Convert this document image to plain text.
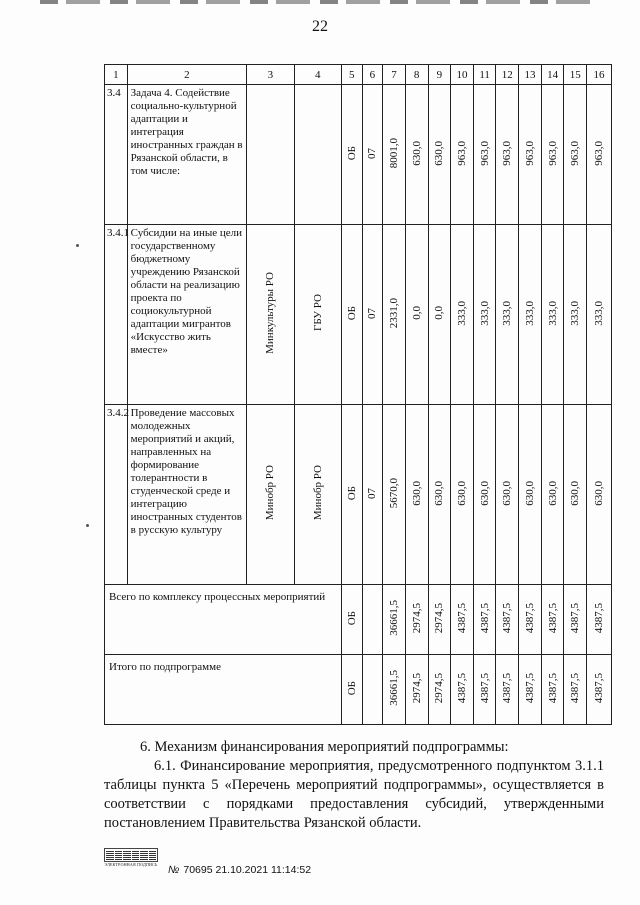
22
1	2	3	4	5	6	7	8	9	10	11	12	13	14	15	16
3.4	Задача 4. Содействие социально-культурной адаптации и интеграция иностранных граждан в Рязанской области, в том числе:			ОБ	07	8001,0	630,0	630,0	963,0	963,0	963,0	963,0	963,0	963,0	963,0
3.4.1	Субсидии на иные цели государственному бюджетному учреждению Рязанской области на реализацию проекта по социокультурной адаптации мигрантов «Искусство жить вместе»	Минкультуры РО	ГБУ РО	ОБ	07	2331,0	0,0	0,0	333,0	333,0	333,0	333,0	333,0	333,0	333,0
3.4.2	Проведение массовых молодежных мероприятий и акций, направленных на формирование толерантности в студенческой среде и интеграцию иностранных студентов в русскую культуру	Минобр РО	Минобр РО	ОБ	07	5670,0	630,0	630,0	630,0	630,0	630,0	630,0	630,0	630,0	630,0
Всего по комплексу процессных мероприятий				ОБ		36661,5	2974,5	2974,5	4387,5	4387,5	4387,5	4387,5	4387,5	4387,5	4387,5
Итого по подпрограмме				ОБ		36661,5	2974,5	2974,5	4387,5	4387,5	4387,5	4387,5	4387,5	4387,5	4387,5
6. Механизм финансирования мероприятий подпрограммы:
6.1. Финансирование мероприятия, предусмотренного подпунктом 3.1.1 таблицы пункта 5 «Перечень мероприятий подпрограммы», осуществляется в соответствии с порядками предоставления субсидий, утвержденными постановлением Правительства Рязанской области.
ЭЛЕКТРОННАЯ ПОДПИСЬ № 70695 21.10.2021 11:14:52
